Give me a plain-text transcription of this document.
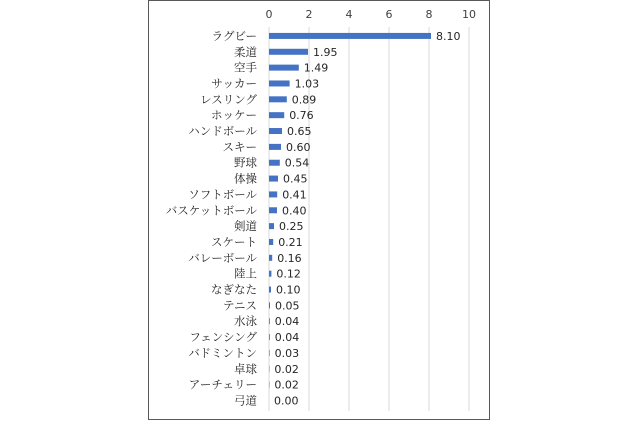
0	2	4	6	8	10
ラグビー
柔道
空手
サッカー
レスリング
ホッケー
ハンドボール
スキー
野球
体操
ソフトボール
バスケットボール
剣道
スケート
バレーボール
陸上
なぎなた
テニス
水泳
フェンシング
バドミントン
卓球
アーチェリー
弓道
8.10
1.95
1.49
1.03
0.89
0.76
0.65
0.60
0.54
0.45
0.41
0.40
0.25
0.21
0.16
0.12
0.10
0.05
0.04
0.04
0.03
0.02
0.02
0.00
